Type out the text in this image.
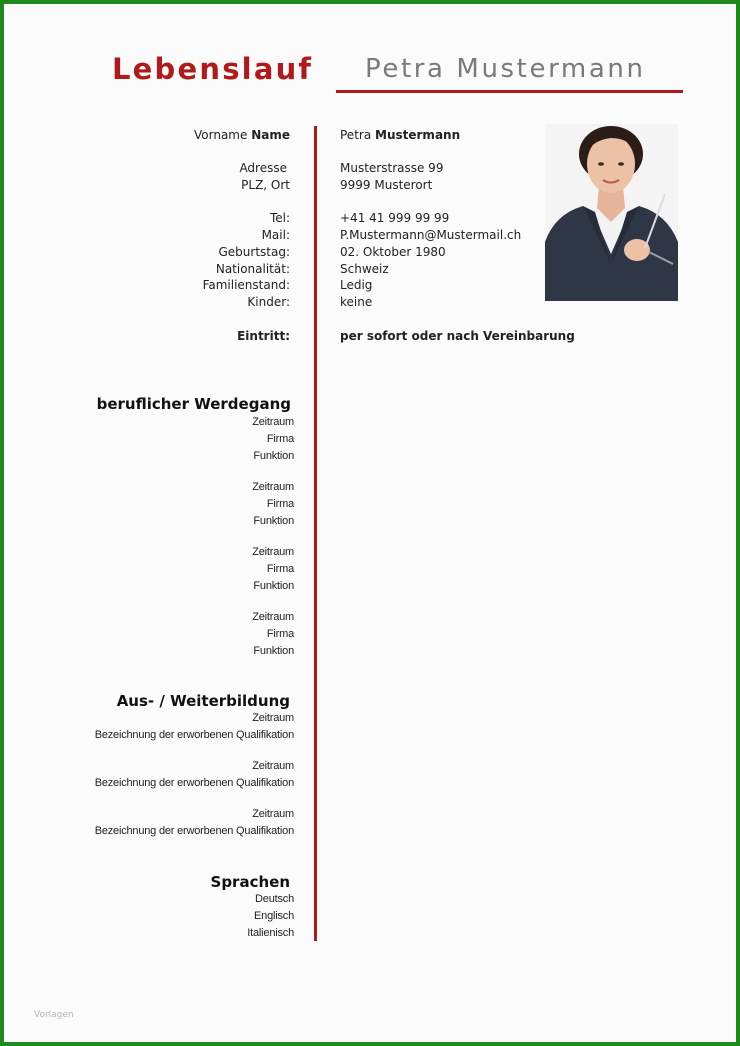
Lebenslauf Petra Mustermann
Vorname Name	Petra Mustermann
Adresse	Musterstrasse 99
PLZ, Ort	9999 Musterort
Tel:	+41 41 999 99 99
Mail:	P.Mustermann@Mustermail.ch
Geburtstag:	02. Oktober 1980
Nationalität:	Schweiz
Familienstand:	Ledig
Kinder:	keine
Eintritt:	per sofort oder nach Vereinbarung
beruflicher Werdegang
Zeitraum
Firma
Funktion
Zeitraum
Firma
Funktion
Zeitraum
Firma
Funktion
Zeitraum
Firma
Funktion
Aus- / Weiterbildung
Zeitraum
Bezeichnung der erworbenen Qualifikation
Zeitraum
Bezeichnung der erworbenen Qualifikation
Zeitraum
Bezeichnung der erworbenen Qualifikation
Sprachen
Deutsch
Englisch
Italienisch
Vorlagen
